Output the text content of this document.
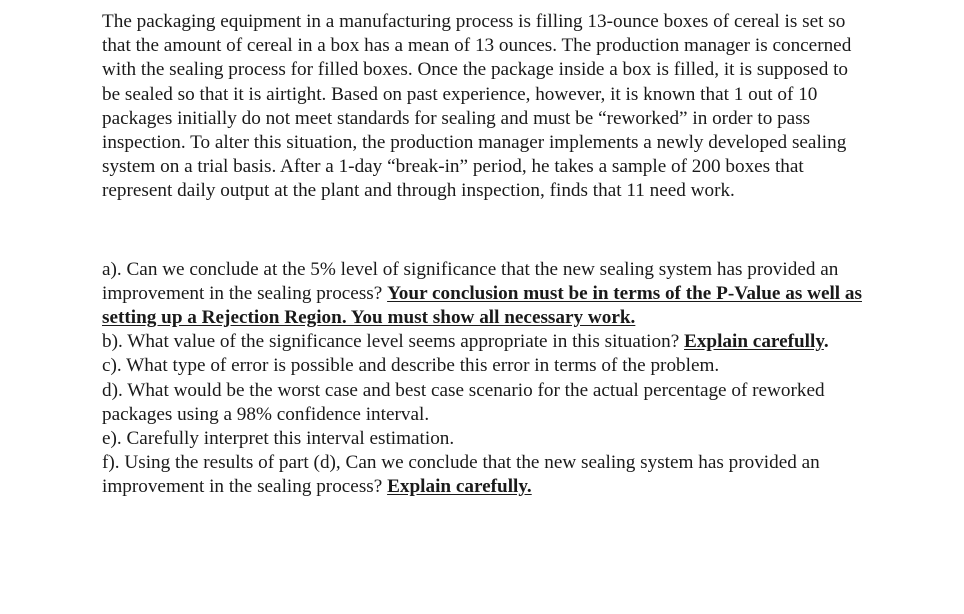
The packaging equipment in a manufacturing process is filling 13-ounce boxes of cereal is set so that the amount of cereal in a box has a mean of 13 ounces. The production manager is concerned with the sealing process for filled boxes. Once the package inside a box is filled, it is supposed to be sealed so that it is airtight. Based on past experience, however, it is known that 1 out of 10 packages initially do not meet standards for sealing and must be “reworked” in order to pass inspection. To alter this situation, the production manager implements a newly developed sealing system on a trial basis. After a 1-day “break-in” period, he takes a sample of 200 boxes that represent daily output at the plant and through inspection, finds that 11 need work.

a). Can we conclude at the 5% level of significance that the new sealing system has provided an improvement in the sealing process? Your conclusion must be in terms of the P-Value as well as setting up a Rejection Region. You must show all necessary work.

b). What value of the significance level seems appropriate in this situation? Explain carefully.

c). What type of error is possible and describe this error in terms of the problem.

d). What would be the worst case and best case scenario for the actual percentage of reworked packages using a 98% confidence interval.

e). Carefully interpret this interval estimation.

f). Using the results of part (d), Can we conclude that the new sealing system has provided an improvement in the sealing process? Explain carefully.
